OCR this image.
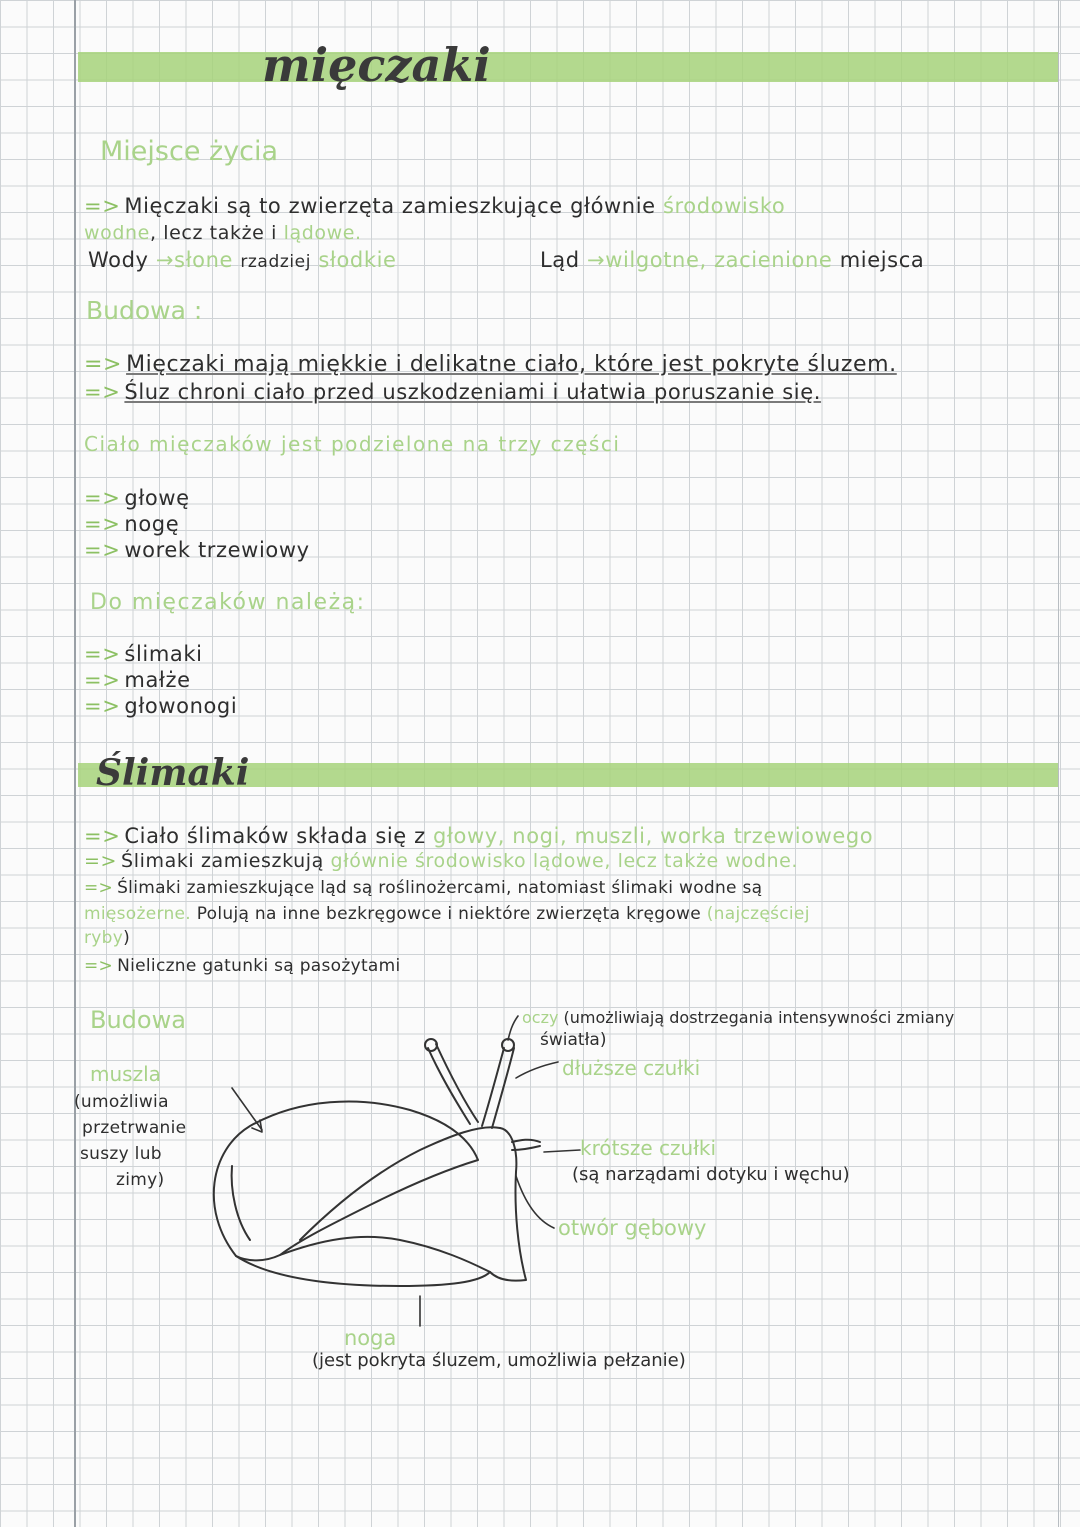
mięczaki
Miejsce życia
=> Mięczaki są to zwierzęta zamieszkujące głównie środowisko
wodne, lecz także i lądowe.
Wody →słone rzadziej słodkie	Ląd →wilgotne, zacienione miejsca
Budowa :
=> Mięczaki mają miękkie i delikatne ciało, które jest pokryte śluzem.
=> Śluz chroni ciało przed uszkodzeniami i ułatwia poruszanie się.
Ciało mięczaków jest podzielone na trzy części
=> głowę
=> nogę
=> worek trzewiowy
Do mięczaków należą:
=> ślimaki
=> małże
=> głowonogi
Ślimaki
=> Ciało ślimaków składa się z głowy, nogi, muszli, worka trzewiowego
=> Ślimaki zamieszkują głównie środowisko lądowe, lecz także wodne.
=> Ślimaki zamieszkujące ląd są roślinożercami, natomiast ślimaki wodne są
mięsożerne. Polują na inne bezkręgowce i niektóre zwierzęta kręgowe (najczęściej
ryby)
=> Nieliczne gatunki są pasożytami
Budowa
muszla
(umożliwia
przetrwanie
suszy lub
zimy)
oczy (umożliwiają dostrzegania intensywności zmiany
światła)
dłuższe czułki
krótsze czułki
(są narządami dotyku i węchu)
otwór gębowy
noga
(jest pokryta śluzem, umożliwia pełzanie)
